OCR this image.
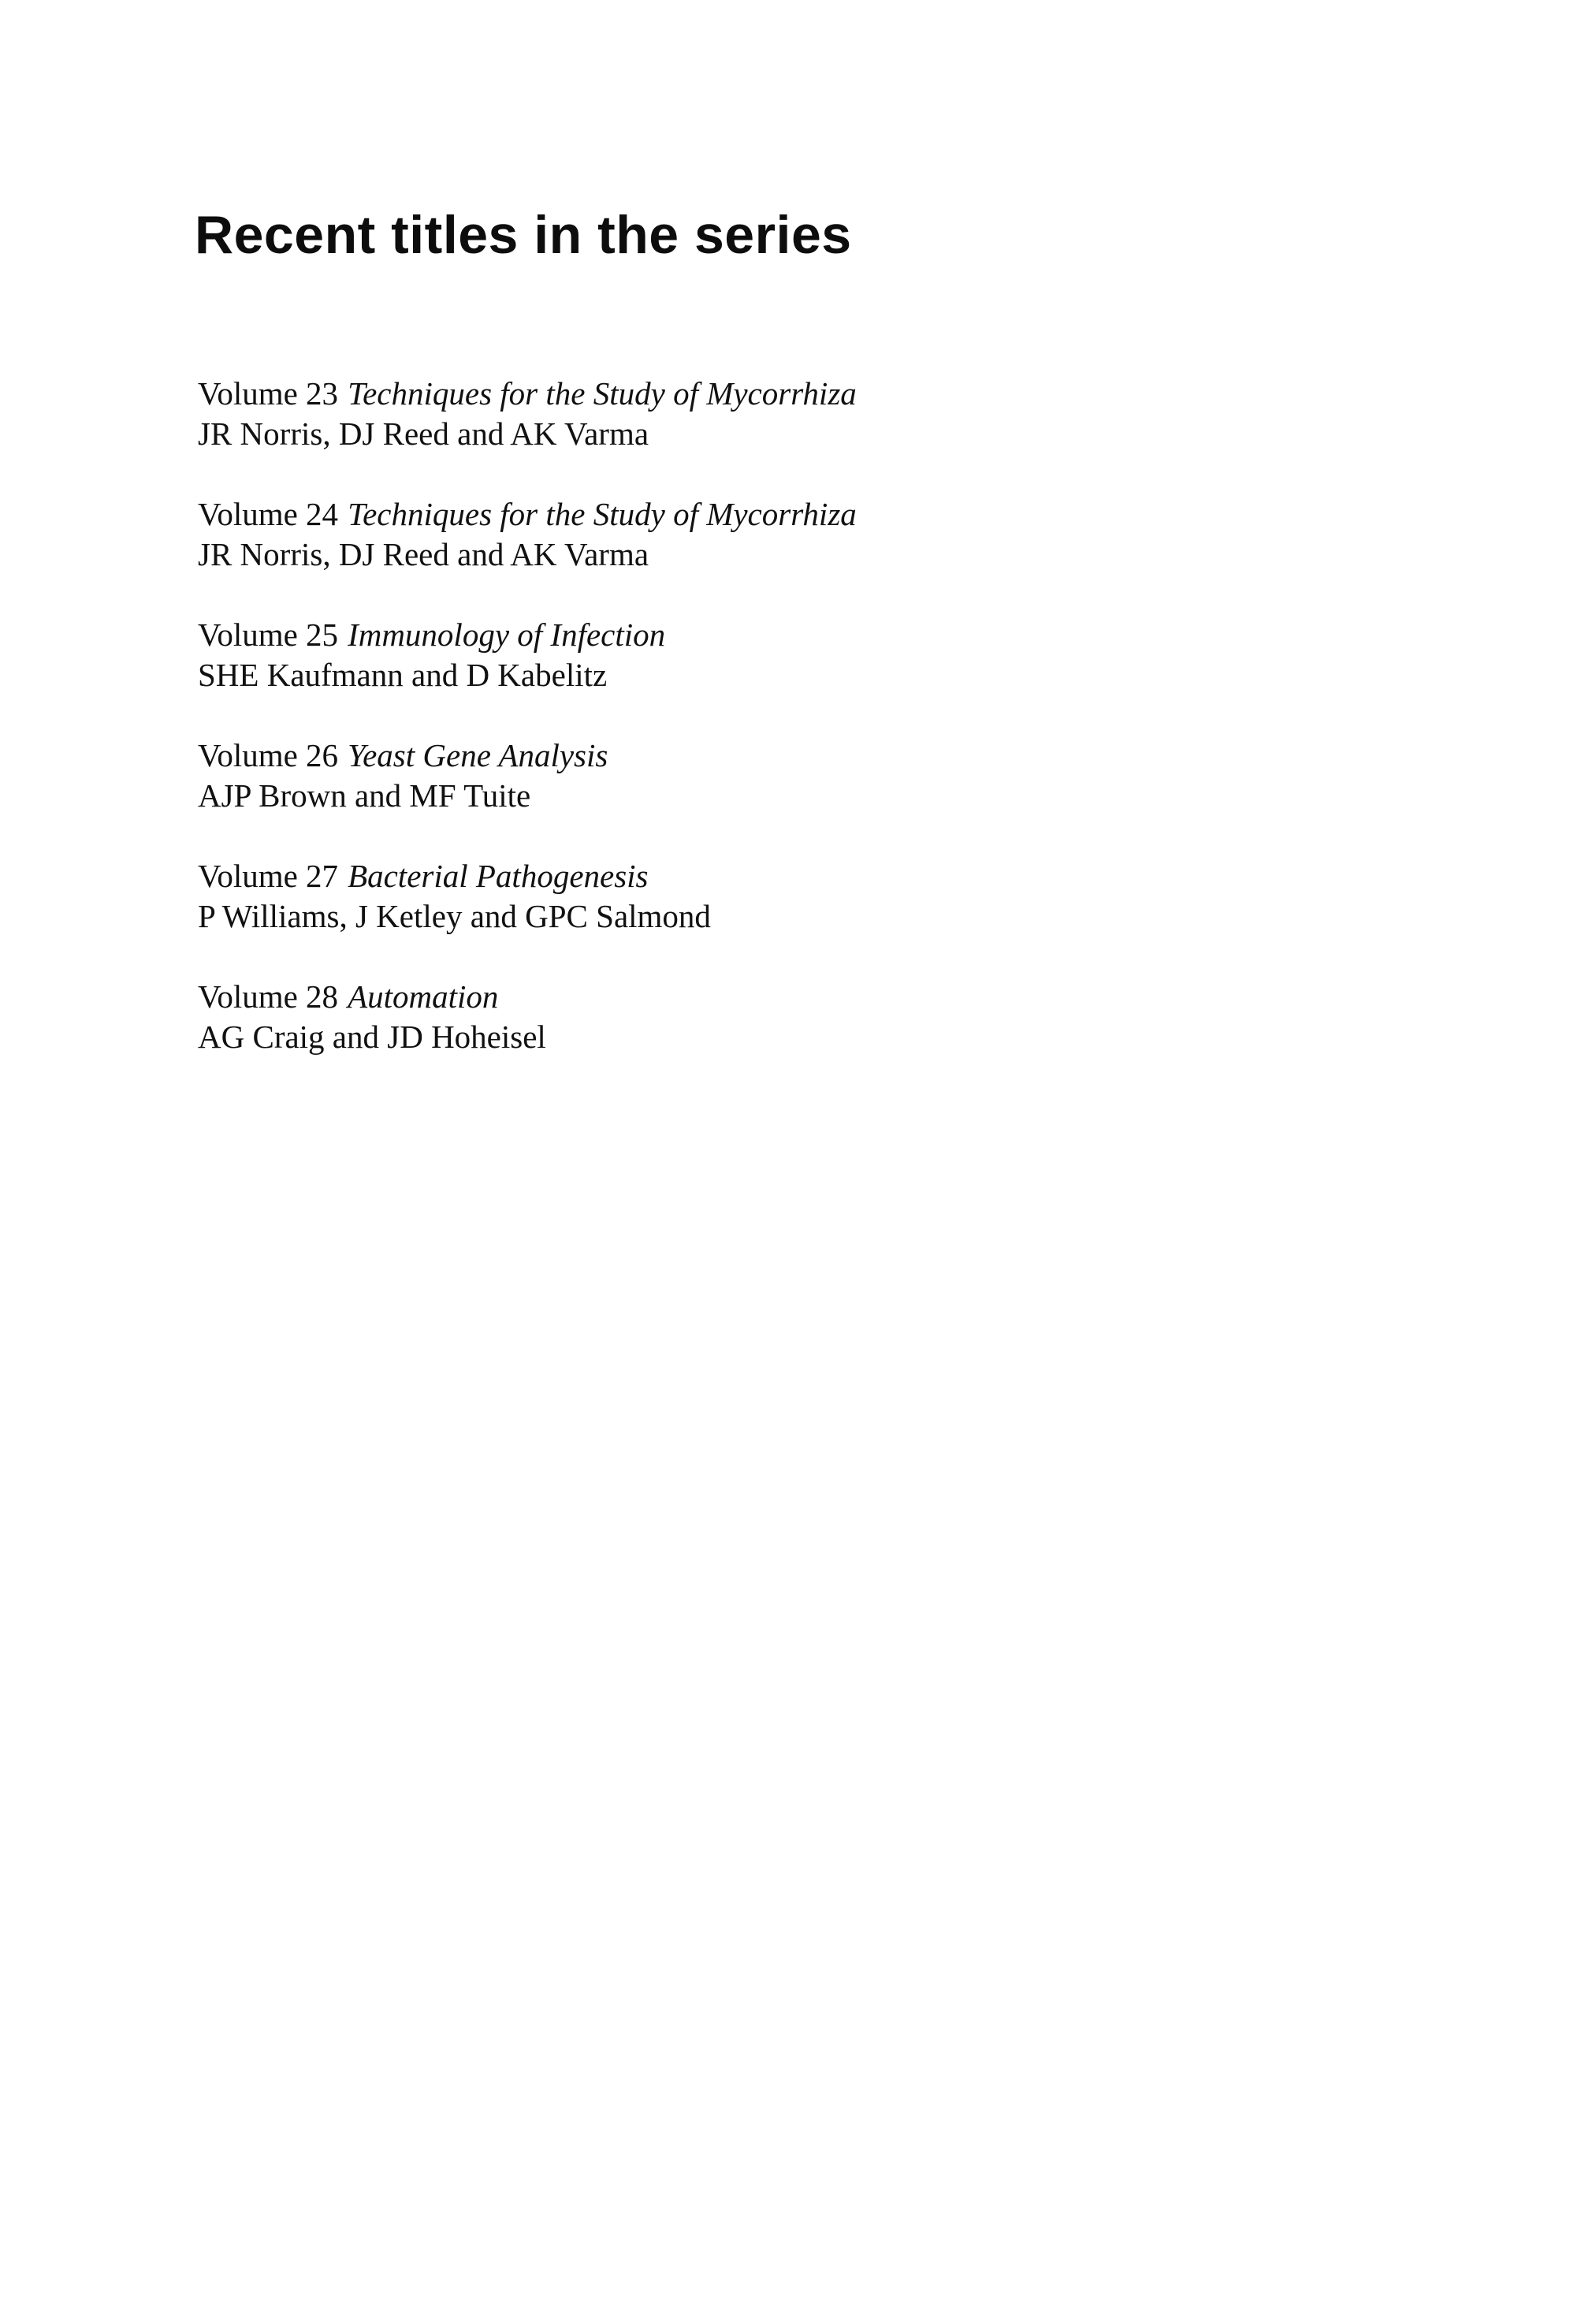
Recent titles in the series
Volume 23 Techniques for the Study of Mycorrhiza
JR Norris, DJ Reed and AK Varma
Volume 24 Techniques for the Study of Mycorrhiza
JR Norris, DJ Reed and AK Varma
Volume 25 Immunology of Infection
SHE Kaufmann and D Kabelitz
Volume 26 Yeast Gene Analysis
AJP Brown and MF Tuite
Volume 27 Bacterial Pathogenesis
P Williams, J Ketley and GPC Salmond
Volume 28 Automation
AG Craig and JD Hoheisel
